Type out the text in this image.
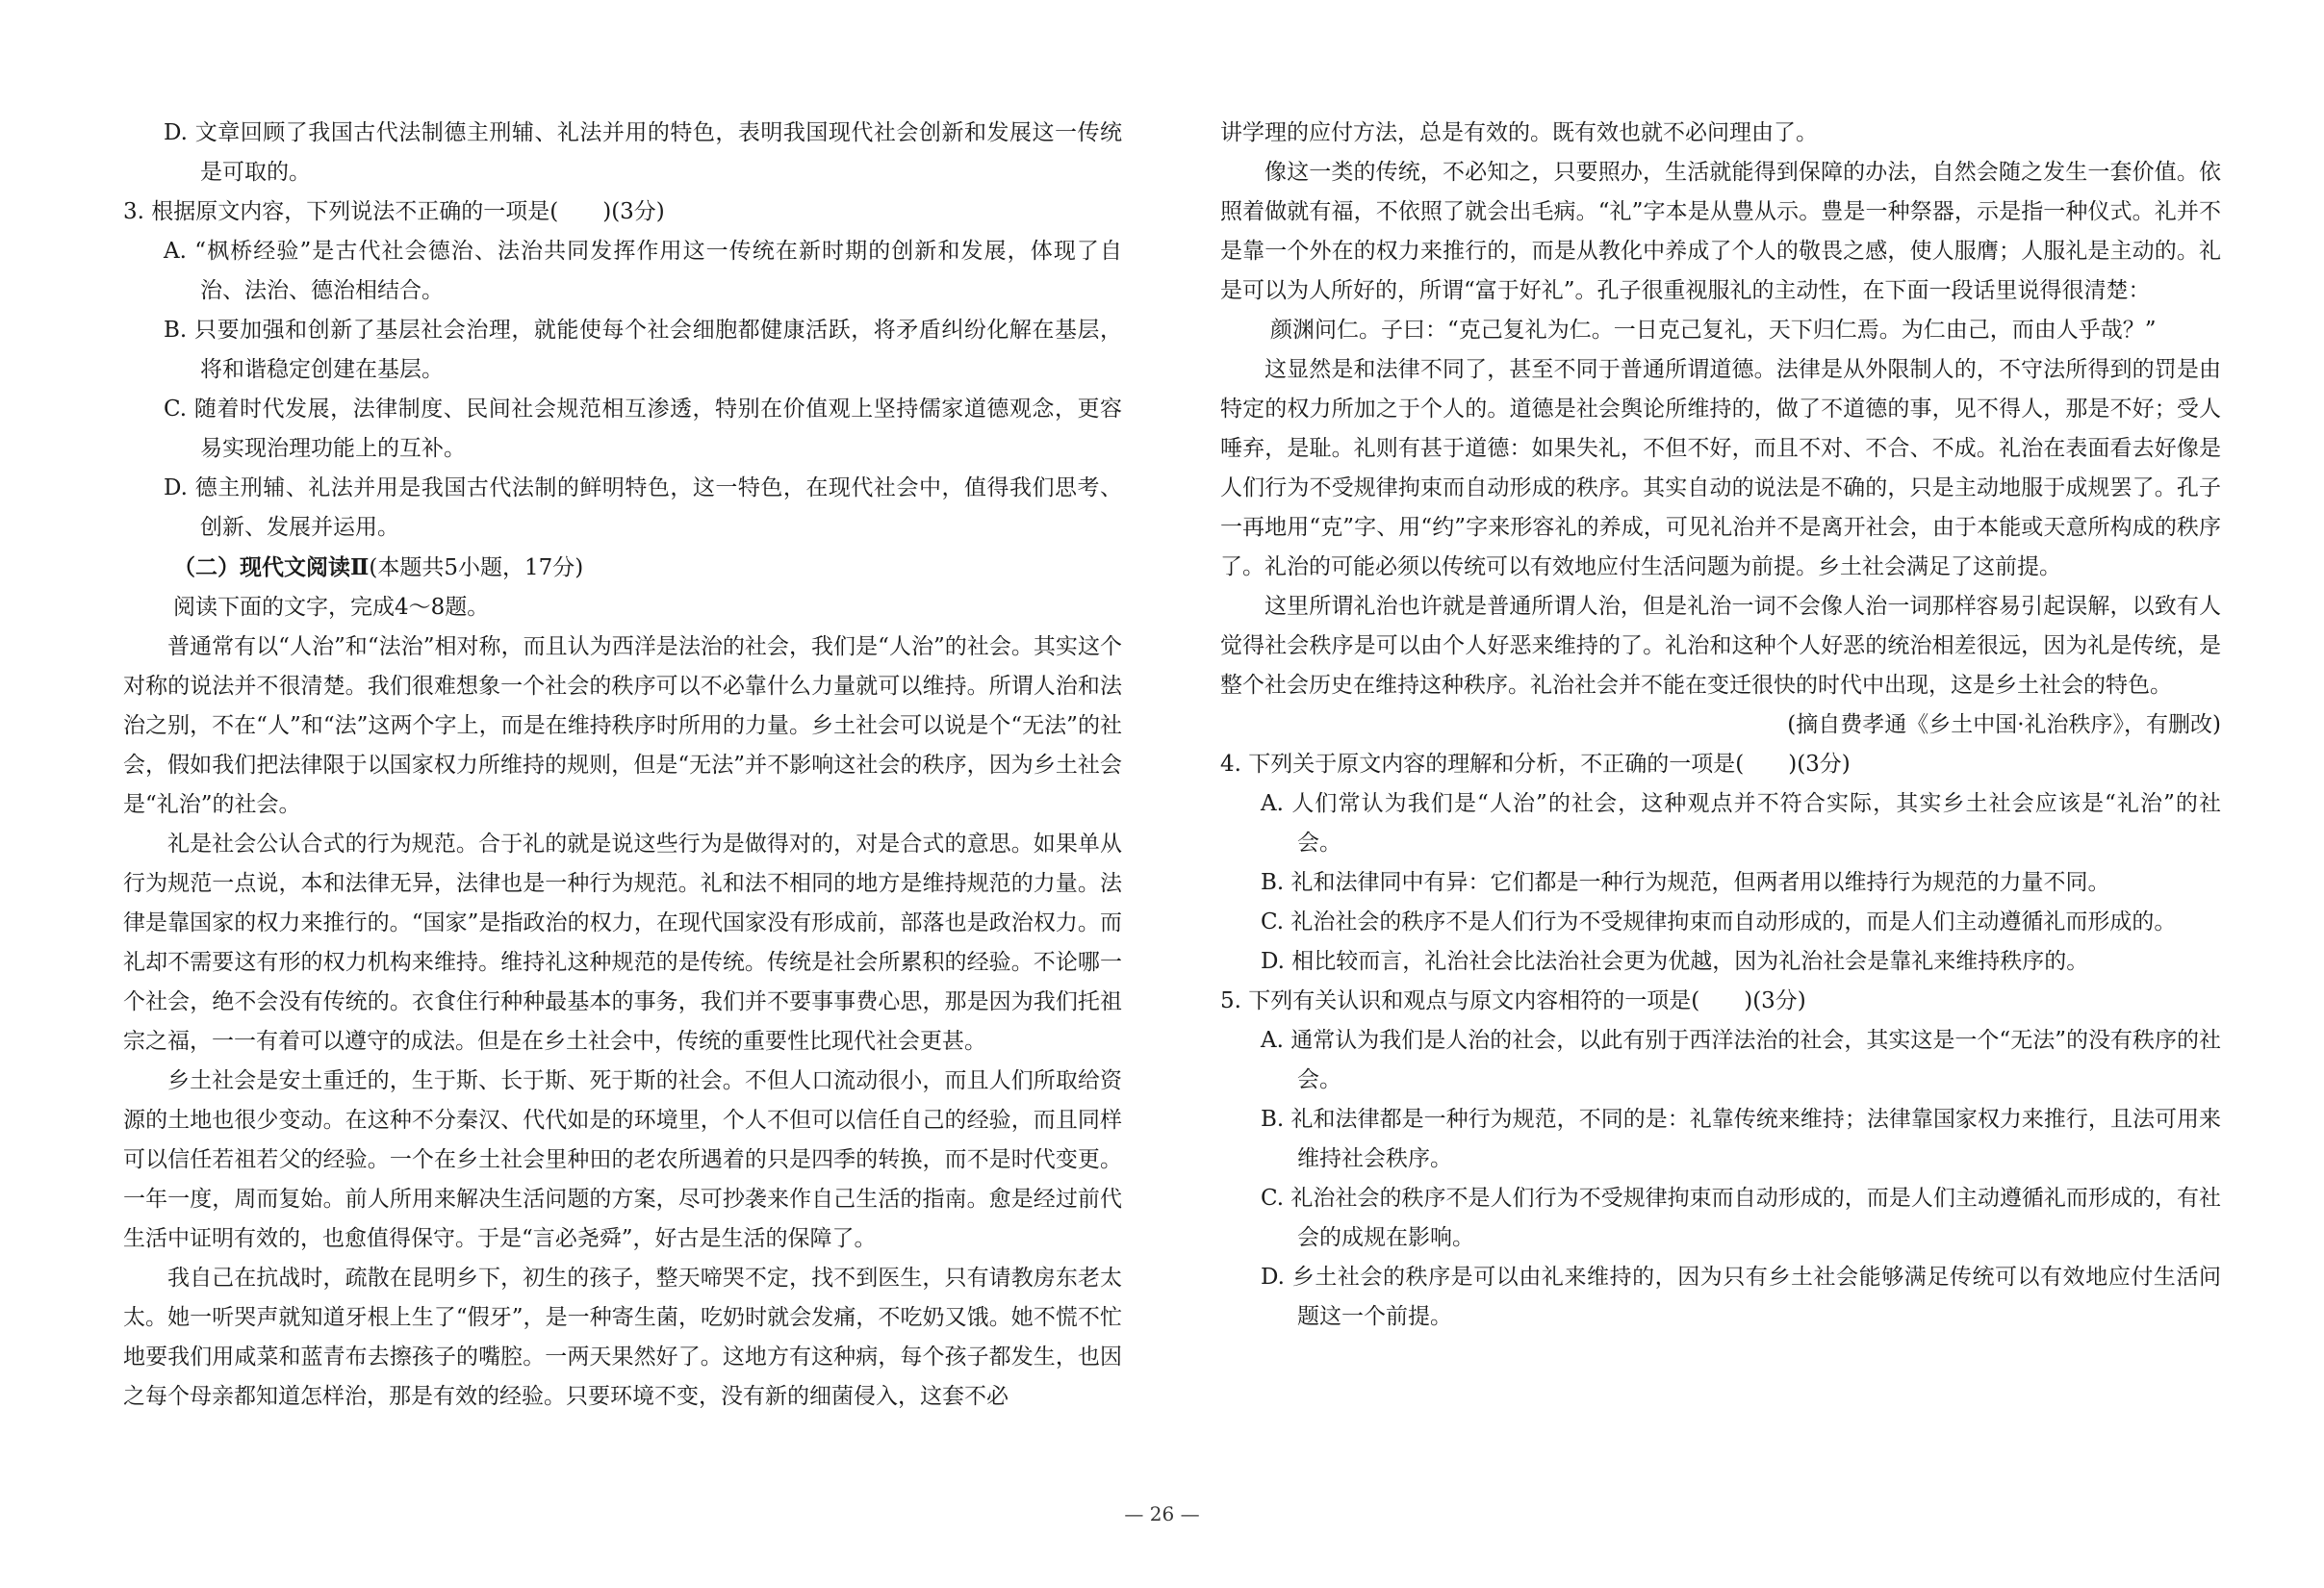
D. 文章回顾了我国古代法制德主刑辅、礼法并用的特色，表明我国现代社会创新和发展这一传统是可取的。

3. 根据原文内容，下列说法不正确的一项是(　　)(3分)

A. “枫桥经验”是古代社会德治、法治共同发挥作用这一传统在新时期的创新和发展，体现了自治、法治、德治相结合。

B. 只要加强和创新了基层社会治理，就能使每个社会细胞都健康活跃，将矛盾纠纷化解在基层，将和谐稳定创建在基层。

C. 随着时代发展，法律制度、民间社会规范相互渗透，特别在价值观上坚持儒家道德观念，更容易实现治理功能上的互补。

D. 德主刑辅、礼法并用是我国古代法制的鲜明特色，这一特色，在现代社会中，值得我们思考、创新、发展并运用。

（二）现代文阅读Ⅱ(本题共5小题，17分)

阅读下面的文字，完成4～8题。

普通常有以“人治”和“法治”相对称，而且认为西洋是法治的社会，我们是“人治”的社会。其实这个对称的说法并不很清楚。我们很难想象一个社会的秩序可以不必靠什么力量就可以维持。所谓人治和法治之别，不在“人”和“法”这两个字上，而是在维持秩序时所用的力量。乡土社会可以说是个“无法”的社会，假如我们把法律限于以国家权力所维持的规则，但是“无法”并不影响这社会的秩序，因为乡土社会是“礼治”的社会。

礼是社会公认合式的行为规范。合于礼的就是说这些行为是做得对的，对是合式的意思。如果单从行为规范一点说，本和法律无异，法律也是一种行为规范。礼和法不相同的地方是维持规范的力量。法律是靠国家的权力来推行的。“国家”是指政治的权力，在现代国家没有形成前，部落也是政治权力。而礼却不需要这有形的权力机构来维持。维持礼这种规范的是传统。传统是社会所累积的经验。不论哪一个社会，绝不会没有传统的。衣食住行种种最基本的事务，我们并不要事事费心思，那是因为我们托祖宗之福，一一有着可以遵守的成法。但是在乡土社会中，传统的重要性比现代社会更甚。

乡土社会是安土重迁的，生于斯、长于斯、死于斯的社会。不但人口流动很小，而且人们所取给资源的土地也很少变动。在这种不分秦汉、代代如是的环境里，个人不但可以信任自己的经验，而且同样可以信任若祖若父的经验。一个在乡土社会里种田的老农所遇着的只是四季的转换，而不是时代变更。一年一度，周而复始。前人所用来解决生活问题的方案，尽可抄袭来作自己生活的指南。愈是经过前代生活中证明有效的，也愈值得保守。于是“言必尧舜”，好古是生活的保障了。

我自己在抗战时，疏散在昆明乡下，初生的孩子，整天啼哭不定，找不到医生，只有请教房东老太太。她一听哭声就知道牙根上生了“假牙”，是一种寄生菌，吃奶时就会发痛，不吃奶又饿。她不慌不忙地要我们用咸菜和蓝青布去擦孩子的嘴腔。一两天果然好了。这地方有这种病，每个孩子都发生，也因之每个母亲都知道怎样治，那是有效的经验。只要环境不变，没有新的细菌侵入，这套不必

讲学理的应付方法，总是有效的。既有效也就不必问理由了。

像这一类的传统，不必知之，只要照办，生活就能得到保障的办法，自然会随之发生一套价值。依照着做就有福，不依照了就会出毛病。“礼”字本是从豊从示。豊是一种祭器，示是指一种仪式。礼并不是靠一个外在的权力来推行的，而是从教化中养成了个人的敬畏之感，使人服膺；人服礼是主动的。礼是可以为人所好的，所谓“富于好礼”。孔子很重视服礼的主动性，在下面一段话里说得很清楚：

颜渊问仁。子曰：“克己复礼为仁。一日克己复礼，天下归仁焉。为仁由己，而由人乎哉？”

这显然是和法律不同了，甚至不同于普通所谓道德。法律是从外限制人的，不守法所得到的罚是由特定的权力所加之于个人的。道德是社会舆论所维持的，做了不道德的事，见不得人，那是不好；受人唾弃，是耻。礼则有甚于道德：如果失礼，不但不好，而且不对、不合、不成。礼治在表面看去好像是人们行为不受规律拘束而自动形成的秩序。其实自动的说法是不确的，只是主动地服于成规罢了。孔子一再地用“克”字、用“约”字来形容礼的养成，可见礼治并不是离开社会，由于本能或天意所构成的秩序了。礼治的可能必须以传统可以有效地应付生活问题为前提。乡土社会满足了这前提。

这里所谓礼治也许就是普通所谓人治，但是礼治一词不会像人治一词那样容易引起误解，以致有人觉得社会秩序是可以由个人好恶来维持的了。礼治和这种个人好恶的统治相差很远，因为礼是传统，是整个社会历史在维持这种秩序。礼治社会并不能在变迁很快的时代中出现，这是乡土社会的特色。

(摘自费孝通《乡土中国·礼治秩序》，有删改)

4. 下列关于原文内容的理解和分析，不正确的一项是(　　)(3分)

A. 人们常认为我们是“人治”的社会，这种观点并不符合实际，其实乡土社会应该是“礼治”的社会。

B. 礼和法律同中有异：它们都是一种行为规范，但两者用以维持行为规范的力量不同。

C. 礼治社会的秩序不是人们行为不受规律拘束而自动形成的，而是人们主动遵循礼而形成的。

D. 相比较而言，礼治社会比法治社会更为优越，因为礼治社会是靠礼来维持秩序的。

5. 下列有关认识和观点与原文内容相符的一项是(　　)(3分)

A. 通常认为我们是人治的社会，以此有别于西洋法治的社会，其实这是一个“无法”的没有秩序的社会。

B. 礼和法律都是一种行为规范，不同的是：礼靠传统来维持；法律靠国家权力来推行，且法可用来维持社会秩序。

C. 礼治社会的秩序不是人们行为不受规律拘束而自动形成的，而是人们主动遵循礼而形成的，有社会的成规在影响。

D. 乡土社会的秩序是可以由礼来维持的，因为只有乡土社会能够满足传统可以有效地应付生活问题这一个前提。

— 26 —
